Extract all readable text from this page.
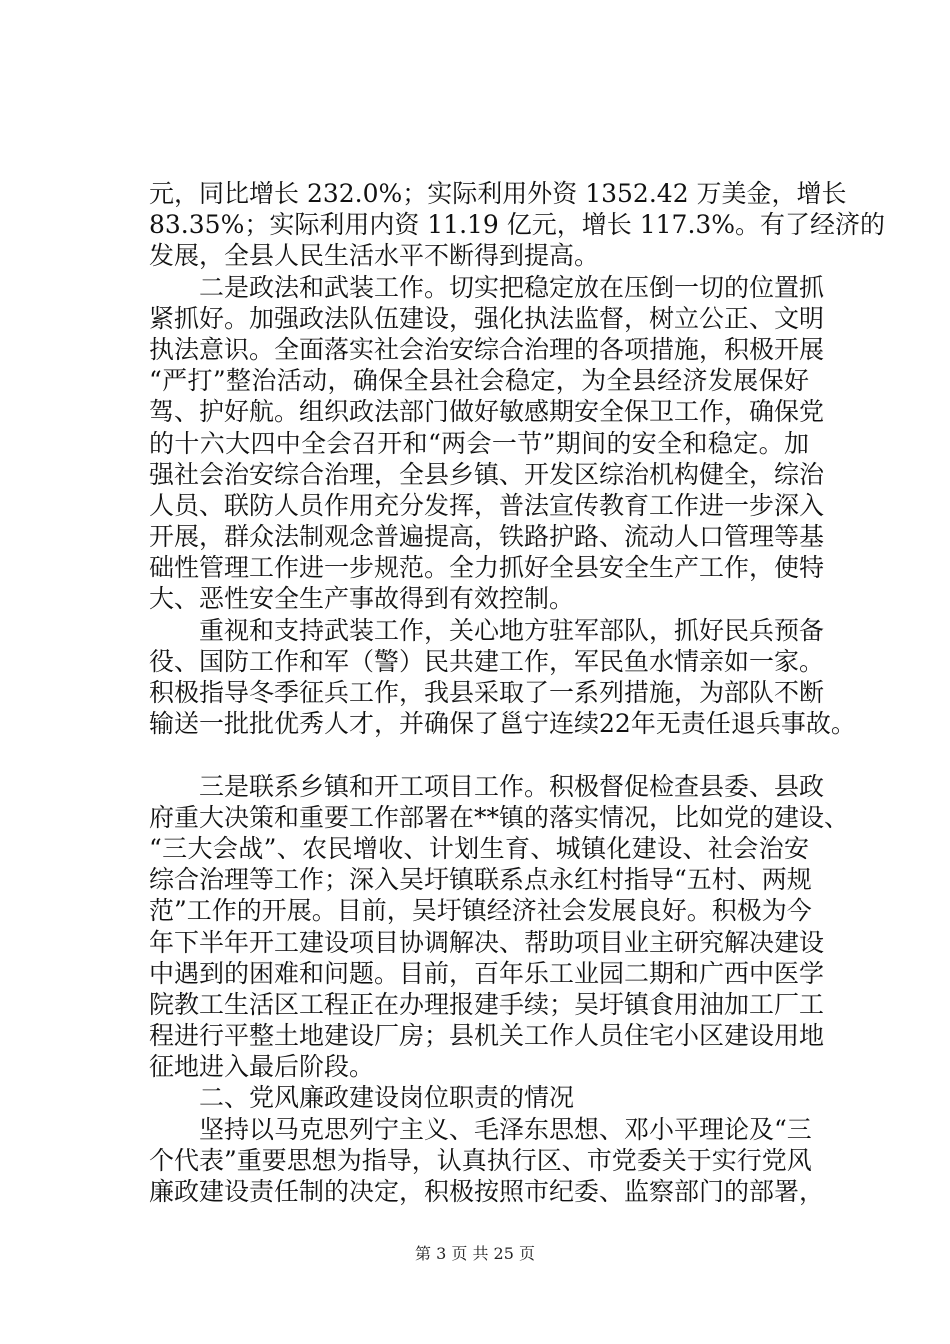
元，同比增长 232.0%；实际利用外资 1352.42 万美金，增长
83.35%；实际利用内资 11.19 亿元，增长 117.3%。有了经济的
发展，全县人民生活水平不断得到提高。
　　二是政法和武装工作。切实把稳定放在压倒一切的位置抓
紧抓好。加强政法队伍建设，强化执法监督，树立公正、文明
执法意识。全面落实社会治安综合治理的各项措施，积极开展
“严打”整治活动，确保全县社会稳定，为全县经济发展保好
驾、护好航。组织政法部门做好敏感期安全保卫工作，确保党
的十六大四中全会召开和“两会一节”期间的安全和稳定。加
强社会治安综合治理，全县乡镇、开发区综治机构健全，综治
人员、联防人员作用充分发挥，普法宣传教育工作进一步深入
开展，群众法制观念普遍提高，铁路护路、流动人口管理等基
础性管理工作进一步规范。全力抓好全县安全生产工作，使特
大、恶性安全生产事故得到有效控制。
　　重视和支持武装工作，关心地方驻军部队，抓好民兵预备
役、国防工作和军（警）民共建工作，军民鱼水情亲如一家。
积极指导冬季征兵工作，我县采取了一系列措施，为部队不断
输送一批批优秀人才，并确保了邕宁连续22年无责任退兵事故。
　　三是联系乡镇和开工项目工作。积极督促检查县委、县政
府重大决策和重要工作部署在**镇的落实情况，比如党的建设、
“三大会战”、农民增收、计划生育、城镇化建设、社会治安
综合治理等工作；深入吴圩镇联系点永红村指导“五村、两规
范”工作的开展。目前，吴圩镇经济社会发展良好。积极为今
年下半年开工建设项目协调解决、帮助项目业主研究解决建设
中遇到的困难和问题。目前，百年乐工业园二期和广西中医学
院教工生活区工程正在办理报建手续；吴圩镇食用油加工厂工
程进行平整土地建设厂房；县机关工作人员住宅小区建设用地
征地进入最后阶段。
　　二、党风廉政建设岗位职责的情况
　　坚持以马克思列宁主义、毛泽东思想、邓小平理论及“三
个代表”重要思想为指导，认真执行区、市党委关于实行党风
廉政建设责任制的决定，积极按照市纪委、监察部门的部署，
第 3 页 共 25 页
